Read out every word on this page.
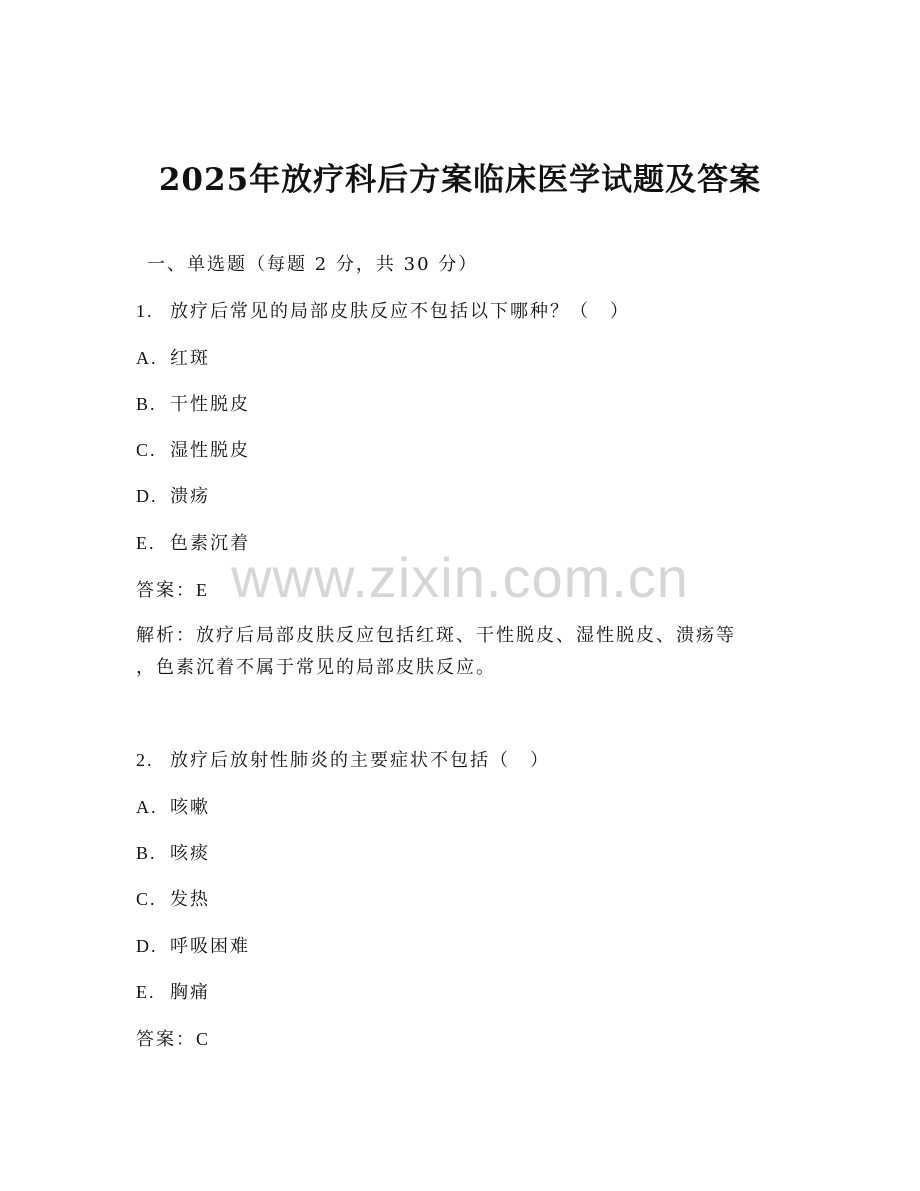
www.zixin.com.cn
2025年放疗科后方案临床医学试题及答案
一、单选题（每题 2 分，共 30 分）
1. 放疗后常见的局部皮肤反应不包括以下哪种？（　）
A. 红斑
B. 干性脱皮
C. 湿性脱皮
D. 溃疡
E. 色素沉着
答案：E
解析：放疗后局部皮肤反应包括红斑、干性脱皮、湿性脱皮、溃疡等
，色素沉着不属于常见的局部皮肤反应。
2. 放疗后放射性肺炎的主要症状不包括（　）
A. 咳嗽
B. 咳痰
C. 发热
D. 呼吸困难
E. 胸痛
答案：C
